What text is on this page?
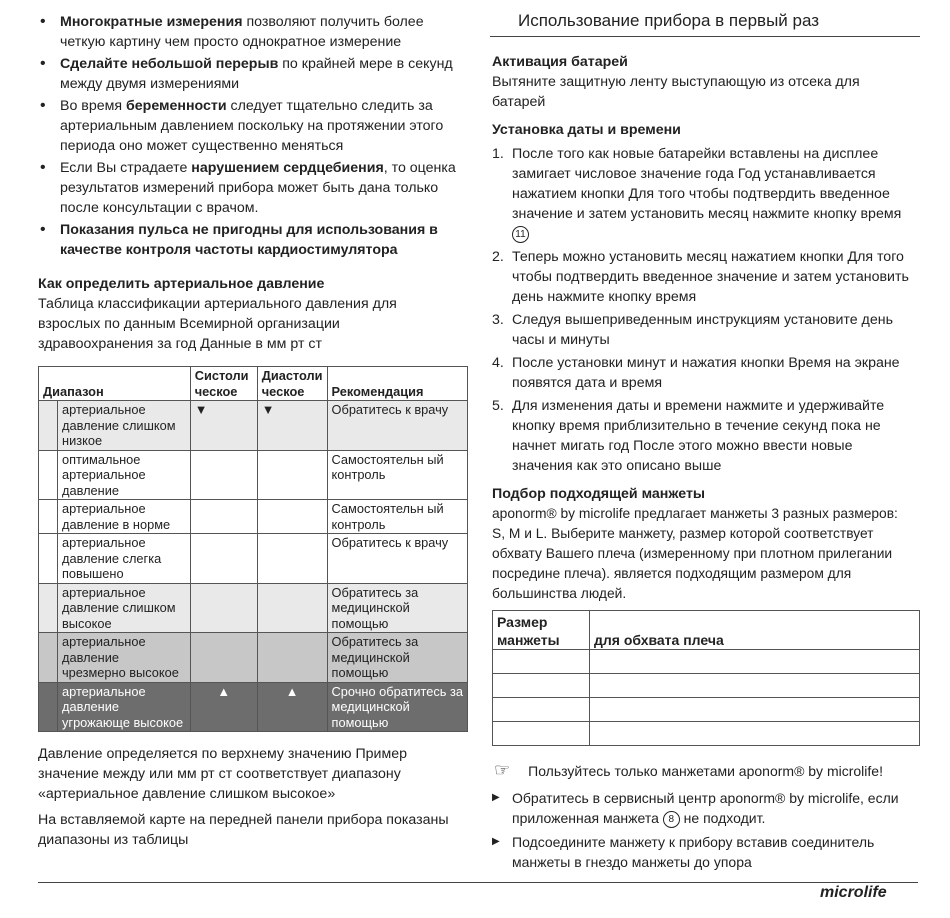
• Многократные измерения позволяют получить более четкую картину чем просто однократное измерение
• Сделайте небольшой перерыв по крайней мере в секунд между двумя измерениями
• Во время беременности следует тщательно следить за артериальным давлением поскольку на протяжении этого периода оно может существенно меняться
• Если Вы страдаете нарушением сердцебиения, то оценка результатов измерений прибора может быть дана только после консультации с врачом.
• Показания пульса не пригодны для использования в качестве контроля частоты кардиостимулятора
Как определить артериальное давление

Таблица классификации артериального давления для взрослых по данным Всемирной организации здравоохранения за год Данные в мм рт ст

Диапазон		Систоли ческое	Диастоли ческое	Рекомендация
	артериальное давление слишком низкое	▼	▼	Обратитесь к врачу
	оптимальное артериальное давление			Самостоятельн ый контроль
	артериальное давление в норме			Самостоятельн ый контроль
	артериальное давление слегка повышено			Обратитесь к врачу
	артериальное давление слишком высокое			Обратитесь за медицинской помощью
	артериальное давление чрезмерно высокое			Обратитесь за медицинской помощью
	артериальное давление угрожающе высокое	▲	▲	Срочно обратитесь за медицинской помощью

Давление определяется по верхнему значению Пример значение между или мм рт ст соответствует диапазону «артериальное давление слишком высокое»

На вставляемой карте на передней панели прибора показаны диапазоны из таблицы

Использование прибора в первый раз
Активация батарей

Вытяните защитную ленту выступающую из отсека для батарей

Установка даты и времени
1. После того как новые батарейки вставлены на дисплее замигает числовое значение года Год устанавливается нажатием кнопки Для того чтобы подтвердить введенное значение и затем установить месяц нажмите кнопку время 11
2. Теперь можно установить месяц нажатием кнопки Для того чтобы подтвердить введенное значение и затем установить день нажмите кнопку время
3. Следуя вышеприведенным инструкциям установите день часы и минуты
4. После установки минут и нажатия кнопки Время на экране появятся дата и время
5. Для изменения даты и времени нажмите и удерживайте кнопку время приблизительно в течение секунд пока не начнет мигать год После этого можно ввести новые значения как это описано выше
Подбор подходящей манжеты

aponorm® by microlife предлагает манжеты 3 разных размеров: S, M и L. Выберите манжету, размер которой соответствует обхвату Вашего плеча (измеренному при плотном прилегании посредине плеча). является подходящим размером для большинства людей.

Размер манжеты	для обхвата плеча

☞ Пользуйтесь только манжетами aponorm® by microlife!
▶ Обратитесь в сервисный центр aponorm® by microlife, если приложенная манжета 8 не подходит.
▶ Подсоедините манжету к прибору вставив соединитель манжеты в гнездо манжеты до упора
microlife
